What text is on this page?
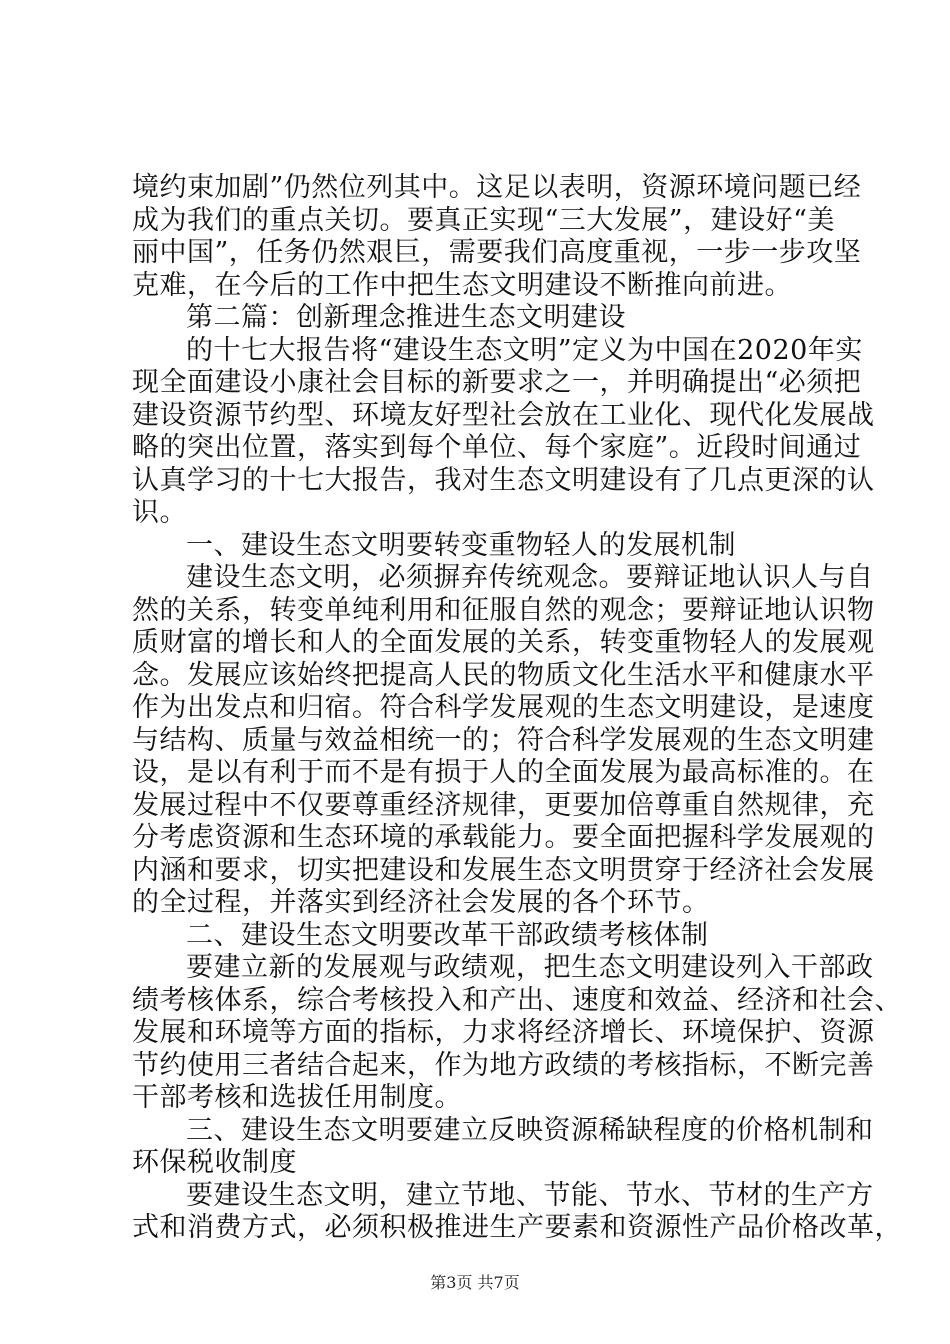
境约束加剧”仍然位列其中。这足以表明，资源环境问题已经
成为我们的重点关切。要真正实现“三大发展”，建设好“美
丽中国”，任务仍然艰巨，需要我们高度重视，一步一步攻坚
克难，在今后的工作中把生态文明建设不断推向前进。
第二篇：创新理念推进生态文明建设
的十七大报告将“建设生态文明”定义为中国在2020年实
现全面建设小康社会目标的新要求之一，并明确提出“必须把
建设资源节约型、环境友好型社会放在工业化、现代化发展战
略的突出位置，落实到每个单位、每个家庭”。近段时间通过
认真学习的十七大报告，我对生态文明建设有了几点更深的认
识。
一、建设生态文明要转变重物轻人的发展机制
建设生态文明，必须摒弃传统观念。要辩证地认识人与自
然的关系，转变单纯利用和征服自然的观念；要辩证地认识物
质财富的增长和人的全面发展的关系，转变重物轻人的发展观
念。发展应该始终把提高人民的物质文化生活水平和健康水平
作为出发点和归宿。符合科学发展观的生态文明建设，是速度
与结构、质量与效益相统一的；符合科学发展观的生态文明建
设，是以有利于而不是有损于人的全面发展为最高标准的。在
发展过程中不仅要尊重经济规律，更要加倍尊重自然规律，充
分考虑资源和生态环境的承载能力。要全面把握科学发展观的
内涵和要求，切实把建设和发展生态文明贯穿于经济社会发展
的全过程，并落实到经济社会发展的各个环节。
二、建设生态文明要改革干部政绩考核体制
要建立新的发展观与政绩观，把生态文明建设列入干部政
绩考核体系，综合考核投入和产出、速度和效益、经济和社会、
发展和环境等方面的指标，力求将经济增长、环境保护、资源
节约使用三者结合起来，作为地方政绩的考核指标，不断完善
干部考核和选拔任用制度。
三、建设生态文明要建立反映资源稀缺程度的价格机制和
环保税收制度
要建设生态文明，建立节地、节能、节水、节材的生产方
式和消费方式，必须积极推进生产要素和资源性产品价格改革，
第3页 共7页
